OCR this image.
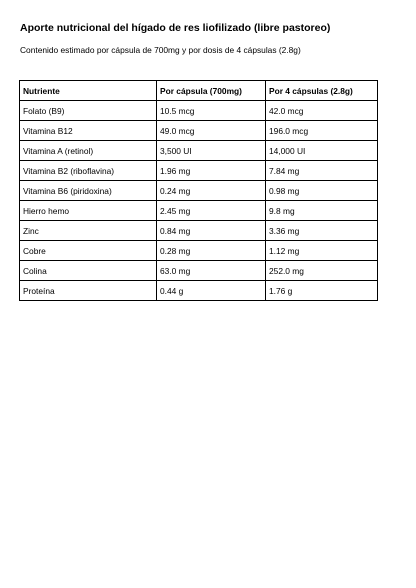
Aporte nutricional del hígado de res liofilizado (libre pastoreo)
Contenido estimado por cápsula de 700mg y por dosis de 4 cápsulas (2.8g)
Nutriente	Por cápsula (700mg)	Por 4 cápsulas (2.8g)
Folato (B9)	10.5 mcg	42.0 mcg
Vitamina B12	49.0 mcg	196.0 mcg
Vitamina A (retinol)	3,500 UI	14,000 UI
Vitamina B2 (riboflavina)	1.96 mg	7.84 mg
Vitamina B6 (piridoxina)	0.24 mg	0.98 mg
Hierro hemo	2.45 mg	9.8 mg
Zinc	0.84 mg	3.36 mg
Cobre	0.28 mg	1.12 mg
Colina	63.0 mg	252.0 mg
Proteína	0.44 g	1.76 g
